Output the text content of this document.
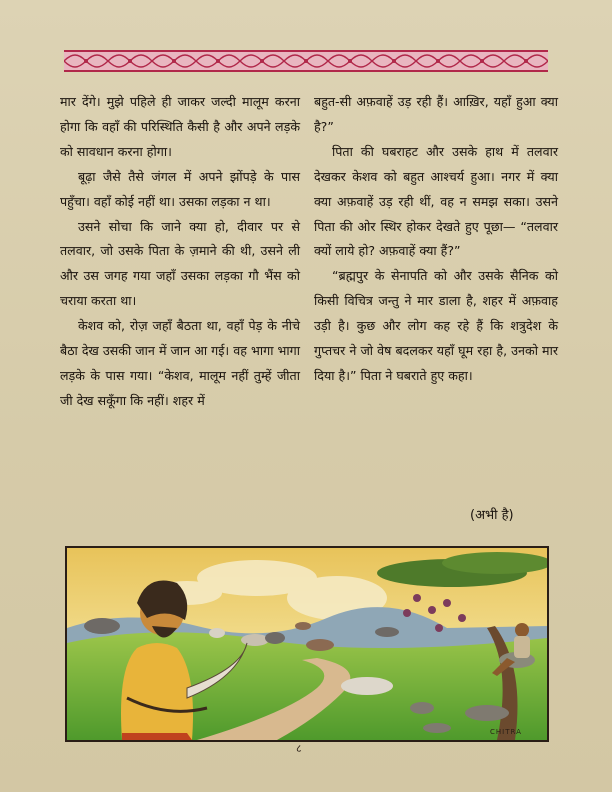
मार देंगे। मुझे पहिले ही जाकर जल्दी मालूम करना होगा कि वहाँ की परिस्थिति कैसी है और अपने लड़के को सावधान करना होगा।

बूढ़ा जैसे तैसे जंगल में अपने झोंपड़े के पास पहुँचा। वहाँ कोई नहीं था। उसका लड़का न था।

उसने सोचा कि जाने क्या हो, दीवार पर से तलवार, जो उसके पिता के ज़माने की थी, उसने ली और उस जगह गया जहाँ उसका लड़का गौ भैंस को चराया करता था।

केशव को, रोज़ जहाँ बैठता था, वहाँ पेड़ के नीचे बैठा देख उसकी जान में जान आ गई। वह भागा भागा लड़के के पास गया। “केशव, मालूम नहीं तुम्हें जीता जी देख सकूँगा कि नहीं। शहर में

बहुत-सी अफ़वाहें उड़ रही हैं। आख़िर, यहाँ हुआ क्या है?”

पिता की घबराहट और उसके हाथ में तलवार देखकर केशव को बहुत आश्चर्य हुआ। नगर में क्या क्या अफ़वाहें उड़ रही थीं, वह न समझ सका। उसने पिता की ओर स्थिर होकर देखते हुए पूछा— “तलवार क्यों लाये हो? अफ़वाहें क्या हैं?”

“ब्रह्मपुर के सेनापति को और उसके सैनिक को किसी विचित्र जन्तु ने मार डाला है, शहर में अफ़वाह उड़ी है। कुछ और लोग कह रहे हैं कि शत्रुदेश के गुप्तचर ने जो वेष बदलकर यहाँ घूम रहा है, उनको मार दिया है।” पिता ने घबराते हुए कहा।

(अभी है)
CHITRA
८
